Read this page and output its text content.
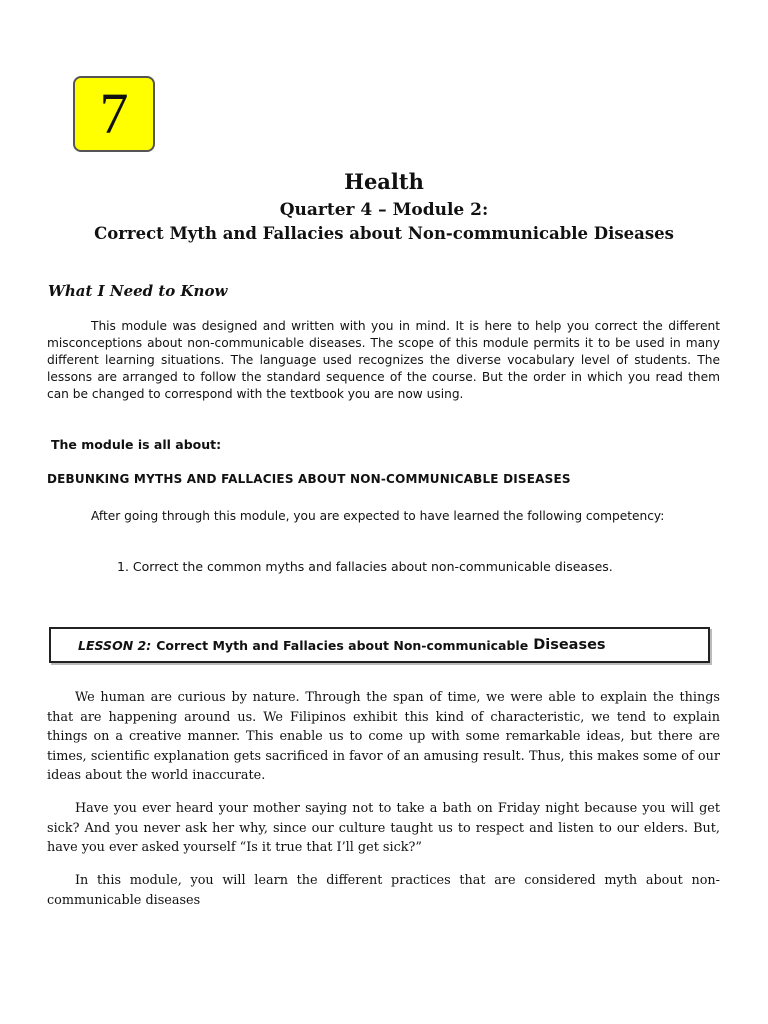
7
Health
Quarter 4 – Module 2:
Correct Myth and Fallacies about Non-communicable Diseases
What I Need to Know

This module was designed and written with you in mind. It is here to help you correct the different misconceptions about non-communicable diseases. The scope of this module permits it to be used in many different learning situations. The language used recognizes the diverse vocabulary level of students. The lessons are arranged to follow the standard sequence of the course. But the order in which you read them can be changed to correspond with the textbook you are now using.

The module is all about:
DEBUNKING MYTHS AND FALLACIES ABOUT NON-COMMUNICABLE DISEASES

After going through this module, you are expected to have learned the following competency:

1. Correct the common myths and fallacies about non-communicable diseases.
LESSON 2: Correct Myth and Fallacies about Non-communicable Diseases

We human are curious by nature. Through the span of time, we were able to explain the things that are happening around us. We Filipinos exhibit this kind of characteristic, we tend to explain things on a creative manner. This enable us to come up with some remarkable ideas, but there are times, scientific explanation gets sacrificed in favor of an amusing result. Thus, this makes some of our ideas about the world inaccurate.

Have you ever heard your mother saying not to take a bath on Friday night because you will get sick? And you never ask her why, since our culture taught us to respect and listen to our elders. But, have you ever asked yourself “Is it true that I’ll get sick?”

In this module, you will learn the different practices that are considered myth about non-communicable diseases
